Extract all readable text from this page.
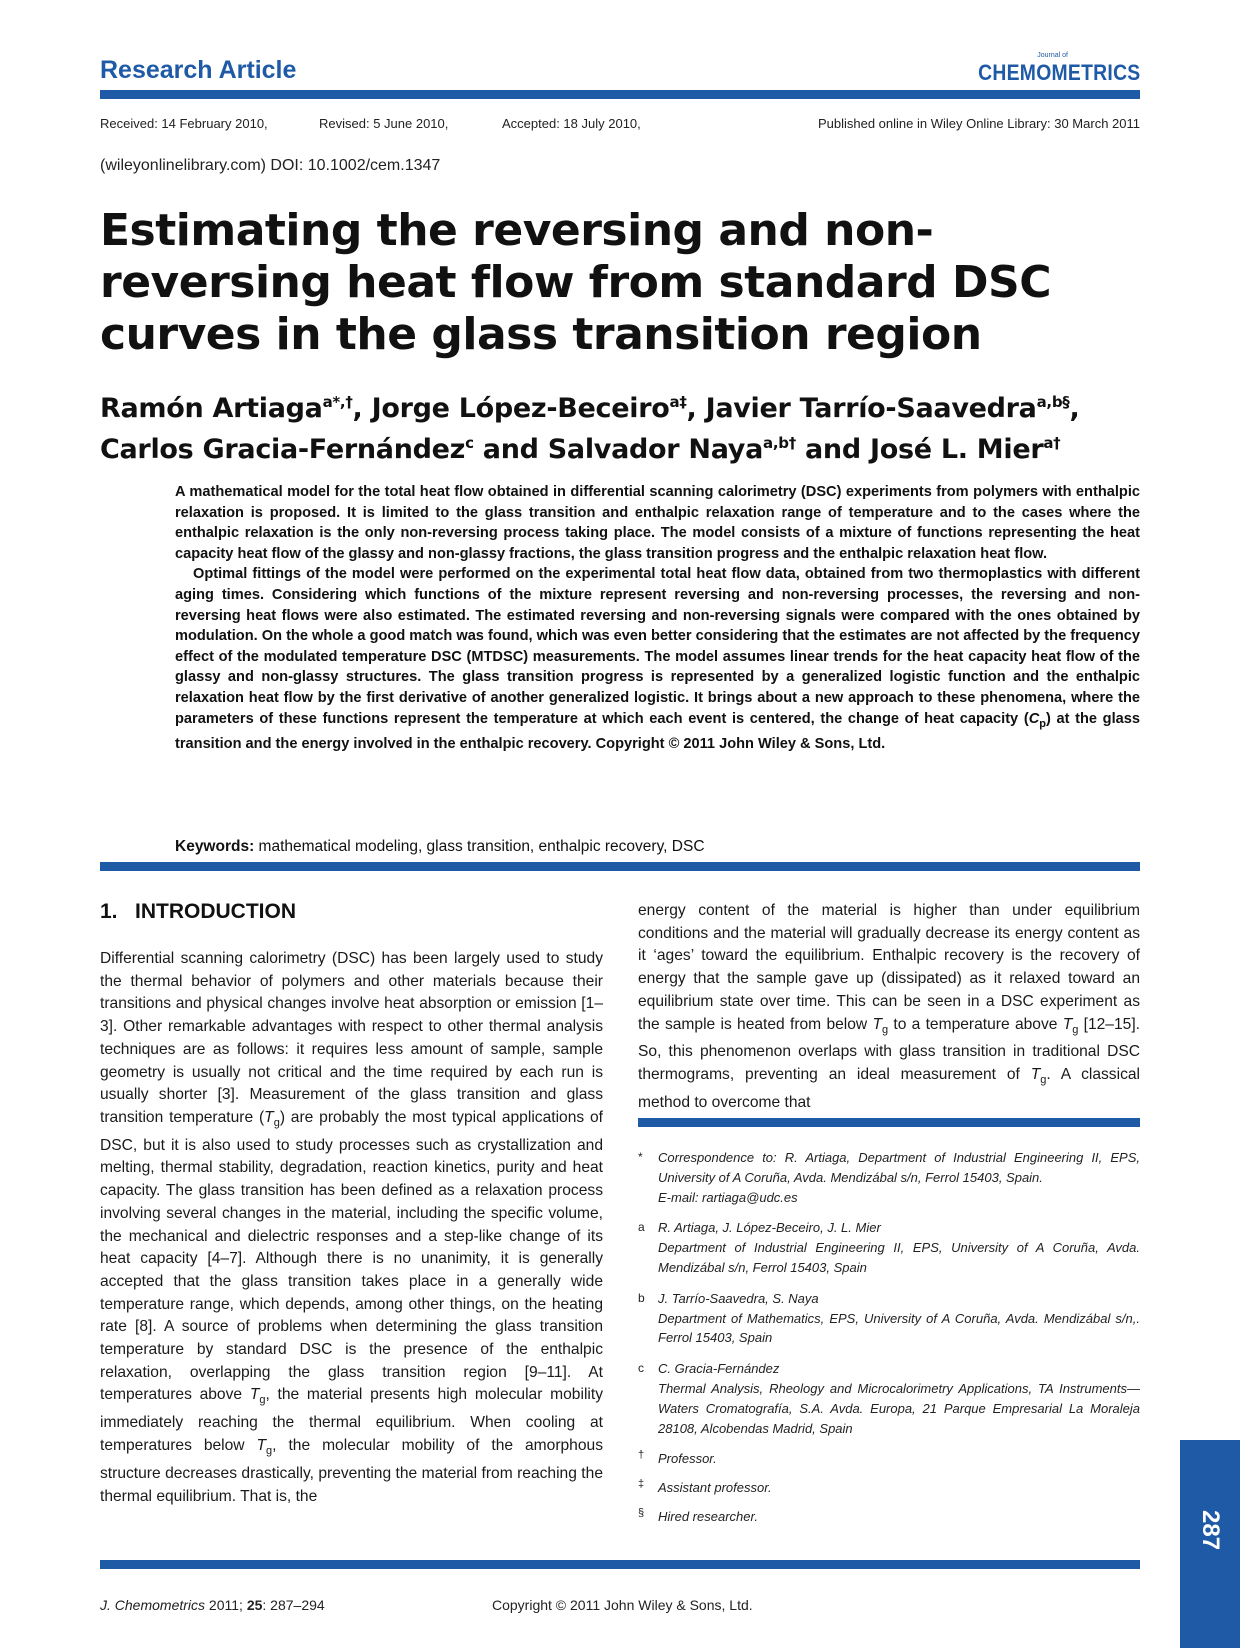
Research Article
Journal of
CHEMOMETRICS
Received: 14 February 2010,	Revised: 5 June 2010,	Accepted: 18 July 2010,	Published online in Wiley Online Library: 30 March 2011
(wileyonlinelibrary.com) DOI: 10.1002/cem.1347
Estimating the reversing and non-reversing heat flow from standard DSC curves in the glass transition region
Ramón Artiaga$^{a*,\dagger}$, Jorge López-Beceiro$^{a\ddagger}$, Javier Tarrío-Saavedra$^{a,b\S}$,
Carlos Gracia-Fernández$^c$ and Salvador Naya$^{a,b\dagger}$ and José L. Mier$^{a\dagger}$

A mathematical model for the total heat flow obtained in differential scanning calorimetry (DSC) experiments from polymers with enthalpic relaxation is proposed. It is limited to the glass transition and enthalpic relaxation range of temperature and to the cases where the enthalpic relaxation is the only non-reversing process taking place. The model consists of a mixture of functions representing the heat capacity heat flow of the glassy and non-glassy fractions, the glass transition progress and the enthalpic relaxation heat flow.

Optimal fittings of the model were performed on the experimental total heat flow data, obtained from two thermoplastics with different aging times. Considering which functions of the mixture represent reversing and non-reversing processes, the reversing and non-reversing heat flows were also estimated. The estimated reversing and non-reversing signals were compared with the ones obtained by modulation. On the whole a good match was found, which was even better considering that the estimates are not affected by the frequency effect of the modulated temperature DSC (MTDSC) measurements. The model assumes linear trends for the heat capacity heat flow of the glassy and non-glassy structures. The glass transition progress is represented by a generalized logistic function and the enthalpic relaxation heat flow by the first derivative of another generalized logistic. It brings about a new approach to these phenomena, where the parameters of these functions represent the temperature at which each event is centered, the change of heat capacity $(C_p)$ at the glass transition and the energy involved in the enthalpic recovery. Copyright © 2011 John Wiley & Sons, Ltd.

Keywords: mathematical modeling, glass transition, enthalpic recovery, DSC
1.   INTRODUCTION

Differential scanning calorimetry (DSC) has been largely used to study the thermal behavior of polymers and other materials because their transitions and physical changes involve heat absorption or emission [1–3]. Other remarkable advantages with respect to other thermal analysis techniques are as follows: it requires less amount of sample, sample geometry is usually not critical and the time required by each run is usually shorter [3]. Measurement of the glass transition and glass transition temperature $(T_g)$ are probably the most typical applications of DSC, but it is also used to study processes such as crystallization and melting, thermal stability, degradation, reaction kinetics, purity and heat capacity. The glass transition has been defined as a relaxation process involving several changes in the material, including the specific volume, the mechanical and dielectric responses and a step-like change of its heat capacity [4–7]. Although there is no unanimity, it is generally accepted that the glass transition takes place in a generally wide temperature range, which depends, among other things, on the heating rate [8]. A source of problems when determining the glass transition temperature by standard DSC is the presence of the enthalpic relaxation, overlapping the glass transition region [9–11]. At temperatures above $T_g$, the material presents high molecular mobility immediately reaching the thermal equilibrium. When cooling at temperatures below $T_g$, the molecular mobility of the amorphous structure decreases drastically, preventing the material from reaching the thermal equilibrium. That is, the

energy content of the material is higher than under equilibrium conditions and the material will gradually decrease its energy content as it ‘ages’ toward the equilibrium. Enthalpic recovery is the recovery of energy that the sample gave up (dissipated) as it relaxed toward an equilibrium state over time. This can be seen in a DSC experiment as the sample is heated from below $T_g$ to a temperature above $T_g$ [12–15]. So, this phenomenon overlaps with glass transition in traditional DSC thermograms, preventing an ideal measurement of $T_g$. A classical method to overcome that

* Correspondence to: R. Artiaga, Department of Industrial Engineering II, EPS, University of A Coruña, Avda. Mendizábal s/n, Ferrol 15403, Spain.
E-mail: rartiaga@udc.es
a R. Artiaga, J. López-Beceiro, J. L. Mier
Department of Industrial Engineering II, EPS, University of A Coruña, Avda. Mendizábal s/n, Ferrol 15403, Spain
b J. Tarrío-Saavedra, S. Naya
Department of Mathematics, EPS, University of A Coruña, Avda. Mendizábal s/n,. Ferrol 15403, Spain
c C. Gracia-Fernández
Thermal Analysis, Rheology and Microcalorimetry Applications, TA Instruments—Waters Cromatografía, S.A. Avda. Europa, 21 Parque Empresarial La Moraleja 28108, Alcobendas Madrid, Spain
† Professor.
‡ Assistant professor.
§ Hired researcher.
J. Chemometrics 2011; 25: 287–294	Copyright © 2011 John Wiley & Sons, Ltd.
287
